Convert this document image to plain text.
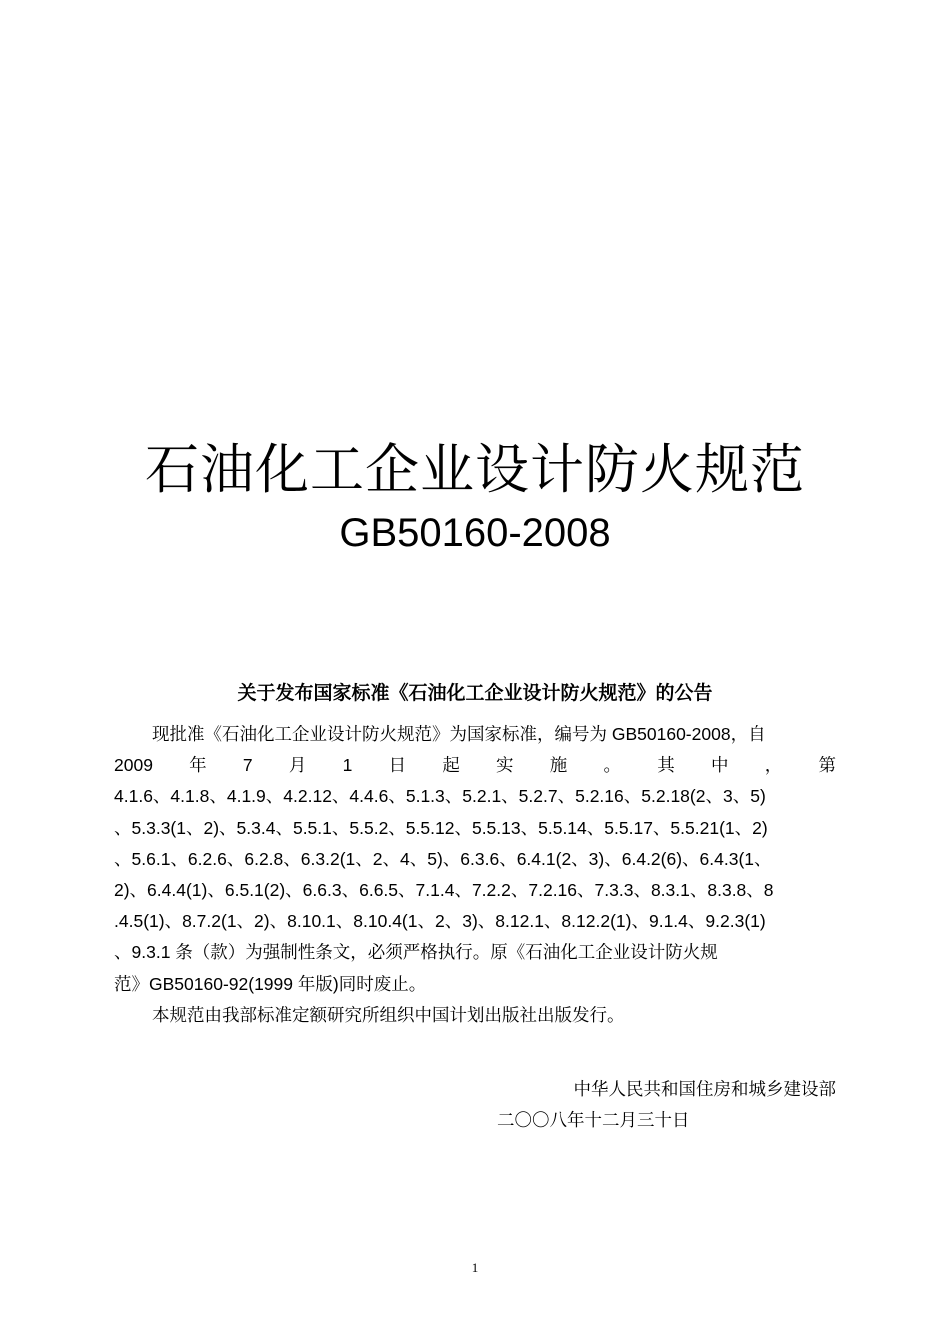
石油化工企业设计防火规范
GB50160-2008
关于发布国家标准《石油化工企业设计防火规范》的公告
现批准《石油化工企业设计防火规范》为国家标准，编号为 GB50160-2008，自
2009 年 7 月 1 日 起 实 施 。 其 中 ， 第
4.1.6、4.1.8、4.1.9、4.2.12、4.4.6、5.1.3、5.2.1、5.2.7、5.2.16、5.2.18(2、3、5)
、5.3.3(1、2)、5.3.4、5.5.1、5.5.2、5.5.12、5.5.13、5.5.14、5.5.17、5.5.21(1、2)
、5.6.1、6.2.6、6.2.8、6.3.2(1、2、4、5)、6.3.6、6.4.1(2、3)、6.4.2(6)、6.4.3(1、
2)、6.4.4(1)、6.5.1(2)、6.6.3、6.6.5、7.1.4、7.2.2、7.2.16、7.3.3、8.3.1、8.3.8、8
.4.5(1)、8.7.2(1、2)、8.10.1、8.10.4(1、2、3)、8.12.1、8.12.2(1)、9.1.4、9.2.3(1)
、9.3.1 条（款）为强制性条文，必须严格执行。原《石油化工企业设计防火规
范》GB50160-92(1999 年版)同时废止。
本规范由我部标准定额研究所组织中国计划出版社出版发行。
中华人民共和国住房和城乡建设部
二〇〇八年十二月三十日
1
